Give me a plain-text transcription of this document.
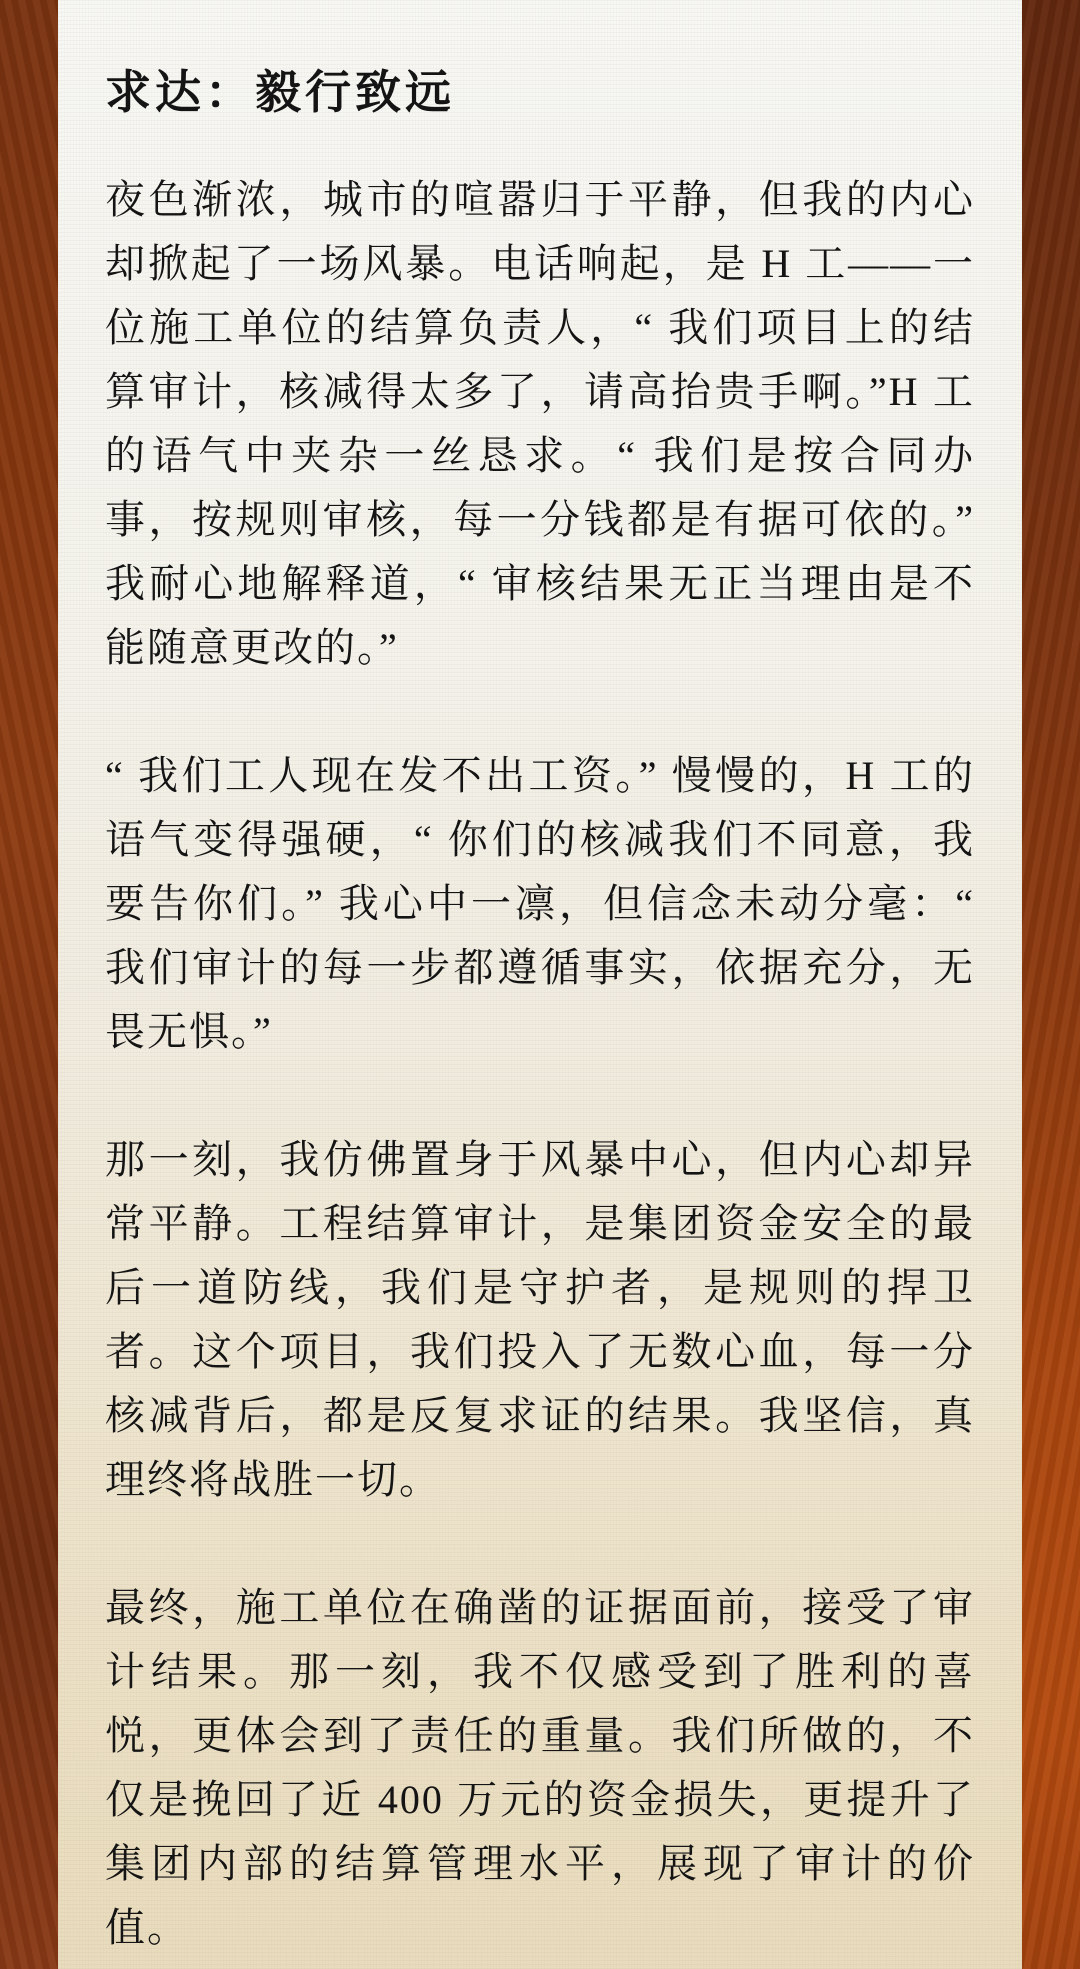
求达：毅行致远

夜色渐浓，城市的喧嚣归于平静，但我的内心却掀起了一场风暴。电话响起，是 H 工——一位施工单位的结算负责人，“ 我们项目上的结算审计，核减得太多了，请高抬贵手啊。”H 工的语气中夹杂一丝恳求。“ 我们是按合同办事，按规则审核，每一分钱都是有据可依的。” 我耐心地解释道，“ 审核结果无正当理由是不能随意更改的。”

“ 我们工人现在发不出工资。” 慢慢的，H 工的语气变得强硬，“ 你们的核减我们不同意，我要告你们。” 我心中一凛，但信念未动分毫：“ 我们审计的每一步都遵循事实，依据充分，无畏无惧。”

那一刻，我仿佛置身于风暴中心，但内心却异常平静。工程结算审计，是集团资金安全的最后一道防线，我们是守护者，是规则的捍卫者。这个项目，我们投入了无数心血，每一分核减背后，都是反复求证的结果。我坚信，真理终将战胜一切。

最终，施工单位在确凿的证据面前，接受了审计结果。那一刻，我不仅感受到了胜利的喜悦，更体会到了责任的重量。我们所做的，不仅是挽回了近 400 万元的资金损失，更提升了集团内部的结算管理水平，展现了审计的价值。
